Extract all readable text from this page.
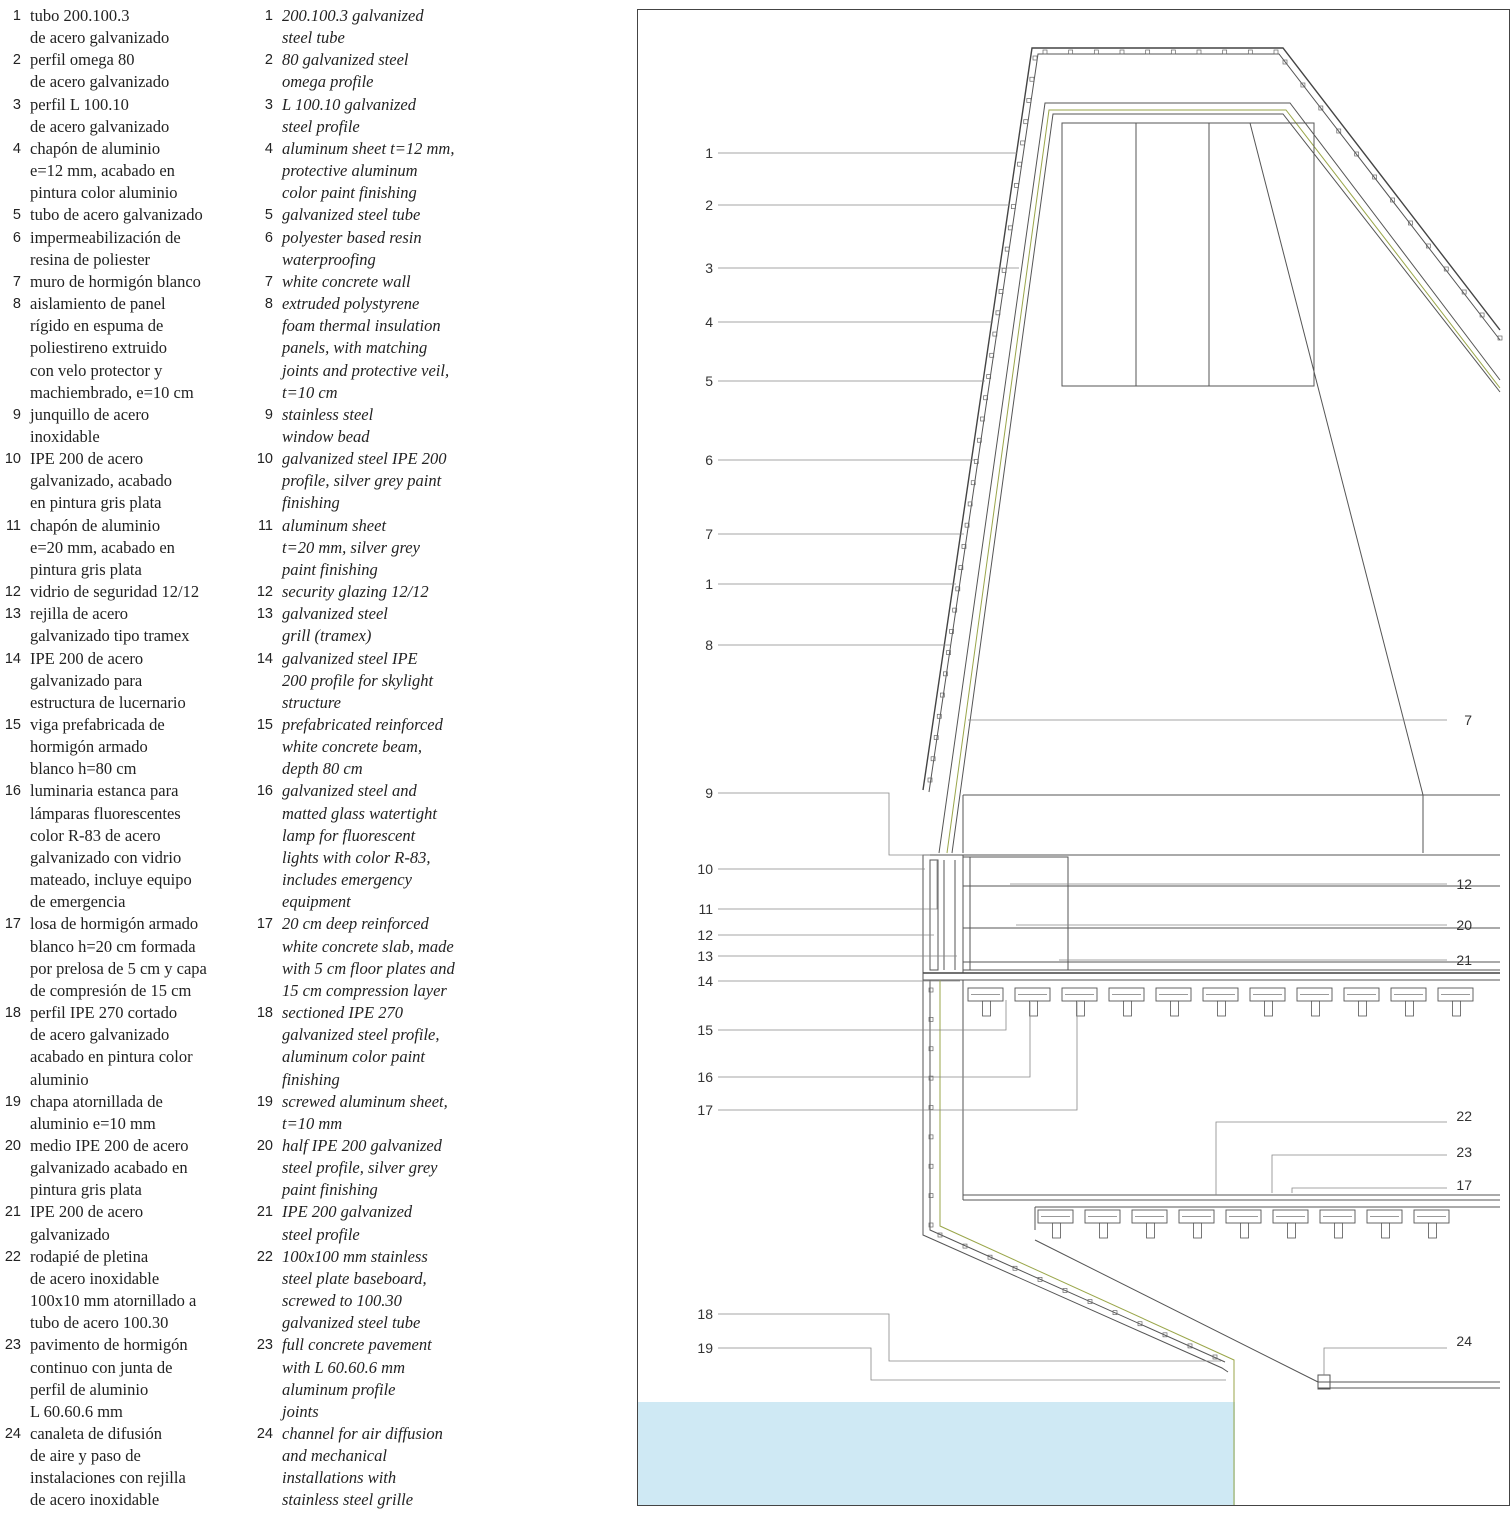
1 tubo 200.100.3
de acero galvanizado
2 perfil omega 80
de acero galvanizado
3 perfil L 100.10
de acero galvanizado
4 chapón de aluminio
e=12 mm, acabado en
pintura color aluminio
5 tubo de acero galvanizado
6 impermeabilización de
resina de poliester
7 muro de hormigón blanco
8 aislamiento de panel
rígido en espuma de
poliestireno extruido
con velo protector y
machiembrado, e=10 cm
9 junquillo de acero
inoxidable
10 IPE 200 de acero
galvanizado, acabado
en pintura gris plata
11 chapón de aluminio
e=20 mm, acabado en
pintura gris plata
12 vidrio de seguridad 12/12
13 rejilla de acero
galvanizado tipo tramex
14 IPE 200 de acero
galvanizado para
estructura de lucernario
15 viga prefabricada de
hormigón armado
blanco h=80 cm
16 luminaria estanca para
lámparas fluorescentes
color R-83 de acero
galvanizado con vidrio
mateado, incluye equipo
de emergencia
17 losa de hormigón armado
blanco h=20 cm formada
por prelosa de 5 cm y capa
de compresión de 15 cm
18 perfil IPE 270 cortado
de acero galvanizado
acabado en pintura color
aluminio
19 chapa atornillada de
aluminio e=10 mm
20 medio IPE 200 de acero
galvanizado acabado en
pintura gris plata
21 IPE 200 de acero
galvanizado
22 rodapié de pletina
de acero inoxidable
100x10 mm atornillado a
tubo de acero 100.30
23 pavimento de hormigón
continuo con junta de
perfil de aluminio
L 60.60.6 mm
24 canaleta de difusión
de aire y paso de
instalaciones con rejilla
de acero inoxidable
1 200.100.3 galvanized
steel tube
2 80 galvanized steel
omega profile
3 L 100.10 galvanized
steel profile
4 aluminum sheet t=12 mm,
protective aluminum
color paint finishing
5 galvanized steel tube
6 polyester based resin
waterproofing
7 white concrete wall
8 extruded polystyrene
foam thermal insulation
panels, with matching
joints and protective veil,
t=10 cm
9 stainless steel
window bead
10 galvanized steel IPE 200
profile, silver grey paint
finishing
11 aluminum sheet
t=20 mm, silver grey
paint finishing
12 security glazing 12/12
13 galvanized steel
grill (tramex)
14 galvanized steel IPE
200 profile for skylight
structure
15 prefabricated reinforced
white concrete beam,
depth 80 cm
16 galvanized steel and
matted glass watertight
lamp for fluorescent
lights with color R-83,
includes emergency
equipment
17 20 cm deep reinforced
white concrete slab, made
with 5 cm floor plates and
15 cm compression layer
18 sectioned IPE 270
galvanized steel profile,
aluminum color paint
finishing
19 screwed aluminum sheet,
t=10 mm
20 half IPE 200 galvanized
steel profile, silver grey
paint finishing
21 IPE 200 galvanized
steel profile
22 100x100 mm stainless
steel plate baseboard,
screwed to 100.30
galvanized steel tube
23 full concrete pavement
with L 60.60.6 mm
aluminum profile
joints
24 channel for air diffusion
and mechanical
installations with
stainless steel grille
1
2
3
4
5
6
7
1
8
9
10
11
12
13
14
15
16
17
18
19
7
12
20
21
22
23
17
24
